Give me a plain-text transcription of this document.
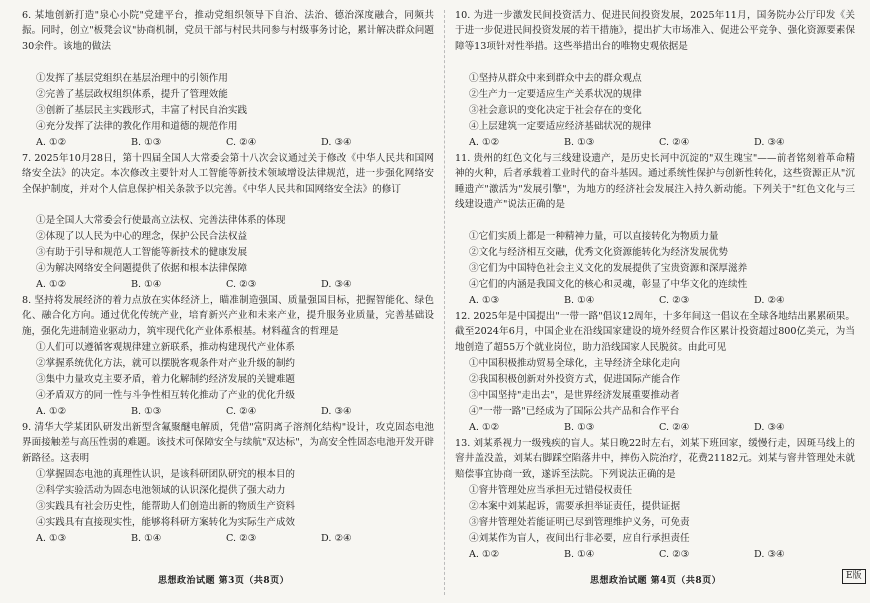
6. 某地创新打造"泉心小院"党建平台，推动党组织领导下自治、法治、德治深度融合，同频共振。同时，创立"板凳会议"协商机制，党员干部与村民共同参与村级事务讨论，累计解决群众问题30余件。该地的做法

①发挥了基层党组织在基层治理中的引领作用
②完善了基层政权组织体系，提升了管理效能
③创新了基层民主实践形式，丰富了村民自治实践
④充分发挥了法律的教化作用和道德的规范作用
A. ①②	B. ①③	C. ②④	D. ③④

7. 2025年10月28日，第十四届全国人大常委会第十八次会议通过关于修改《中华人民共和国网络安全法》的决定。本次修改主要针对人工智能等新技术领域增设法律规范，进一步强化网络安全保护制度，并对个人信息保护相关条款予以完善。《中华人民共和国网络安全法》的修订

①是全国人大常委会行使最高立法权、完善法律体系的体现
②体现了以人民为中心的理念，保护公民合法权益
③有助于引导和规范人工智能等新技术的健康发展
④为解决网络安全问题提供了依据和根本法律保障
A. ①②	B. ①④	C. ②③	D. ③④

8. 坚持将发展经济的着力点放在实体经济上，瞄准制造强国、质量强国目标，把握智能化、绿色化、融合化方向。通过优化传统产业，培育新兴产业和未来产业，提升服务业质量，完善基础设施，强化先进制造业驱动力，筑牢现代化产业体系根基。材料蕴含的哲理是

①人们可以遵循客观规律建立新联系，推动构建现代产业体系
②掌握系统优化方法，就可以摆脱客观条件对产业升级的制约
③集中力量攻克主要矛盾，着力化解制约经济发展的关键难题
④矛盾双方的同一性与斗争性相互转化推动了产业的优化升级
A. ①②	B. ①③	C. ②④	D. ③④

9. 清华大学某团队研发出新型含氟聚醚电解质，凭借"富阴离子溶剂化结构"设计，攻克固态电池界面接触差与高压性弱的难题。该技术可保障安全与续航"双达标"，为高安全性固态电池开发开辟新路径。这表明

①掌握固态电池的真理性认识，是该科研团队研究的根本目的
②科学实验活动为固态电池领域的认识深化提供了强大动力
③实践具有社会历史性，能帮助人们创造出新的物质生产资料
④实践具有直接现实性，能够将科研方案转化为实际生产成效
A. ①③	B. ①④	C. ②③	D. ②④
思想政治试题 第3页（共8页）

10. 为进一步激发民间投资活力、促进民间投资发展，2025年11月，国务院办公厅印发《关于进一步促进民间投资发展的若干措施》，提出扩大市场准入、促进公平竞争、强化资源要素保障等13项针对性举措。这些举措出台的唯物史观依据是

①坚持从群众中来到群众中去的群众观点
②生产力一定要适应生产关系状况的规律
③社会意识的变化决定于社会存在的变化
④上层建筑一定要适应经济基础状况的规律
A. ①②	B. ①③	C. ②④	D. ③④

11. 贵州的红色文化与三线建设遗产，是历史长河中沉淀的"双生瑰宝"——前者铭刻着革命精神的火种，后者承载着工业时代的奋斗基因。通过系统性保护与创新性转化，这些资源正从"沉睡遗产"激活为"发展引擎"，为地方的经济社会发展注入持久新动能。下列关于"红色文化与三线建设遗产"说法正确的是

①它们实质上都是一种精神力量，可以直接转化为物质力量
②文化与经济相互交融，优秀文化资源能转化为经济发展优势
③它们为中国特色社会主义文化的发展提供了宝贵资源和深厚滋养
④它们的内涵是我国文化的核心和灵魂，彰显了中华文化的连续性
A. ①③	B. ①④	C. ②③	D. ②④

12. 2025年是中国提出"一带一路"倡议12周年，十多年间这一倡议在全球各地结出累累硕果。截至2024年6月，中国企业在沿线国家建设的境外经贸合作区累计投资超过800亿美元，为当地创造了超55万个就业岗位，助力沿线国家人民脱贫。由此可见

①中国积极推动贸易全球化，主导经济全球化走向
②我国积极创新对外投资方式，促进国际产能合作
③中国坚持"走出去"，是世界经济发展重要推动者
④"一带一路"已经成为了国际公共产品和合作平台
A. ①②	B. ①③	C. ②④	D. ③④

13. 刘某系视力一级残疾的盲人。某日晚22时左右，刘某下班回家，缓慢行走，因斑马线上的窨井盖没盖，刘某右脚踩空陷落井中，摔伤入院治疗，花费21182元。刘某与窨井管理处未就赔偿事宜协商一致，遂诉至法院。下列说法正确的是

①窨井管理处应当承担无过错侵权责任
②本案中刘某起诉，需要承担举证责任，提供证据
③窨井管理处若能证明已尽到管理维护义务，可免责
④刘某作为盲人，夜间出行非必要，应自行承担责任
A. ①②	B. ①④	C. ②③	D. ③④
思想政治试题 第4页（共8页）	E版
